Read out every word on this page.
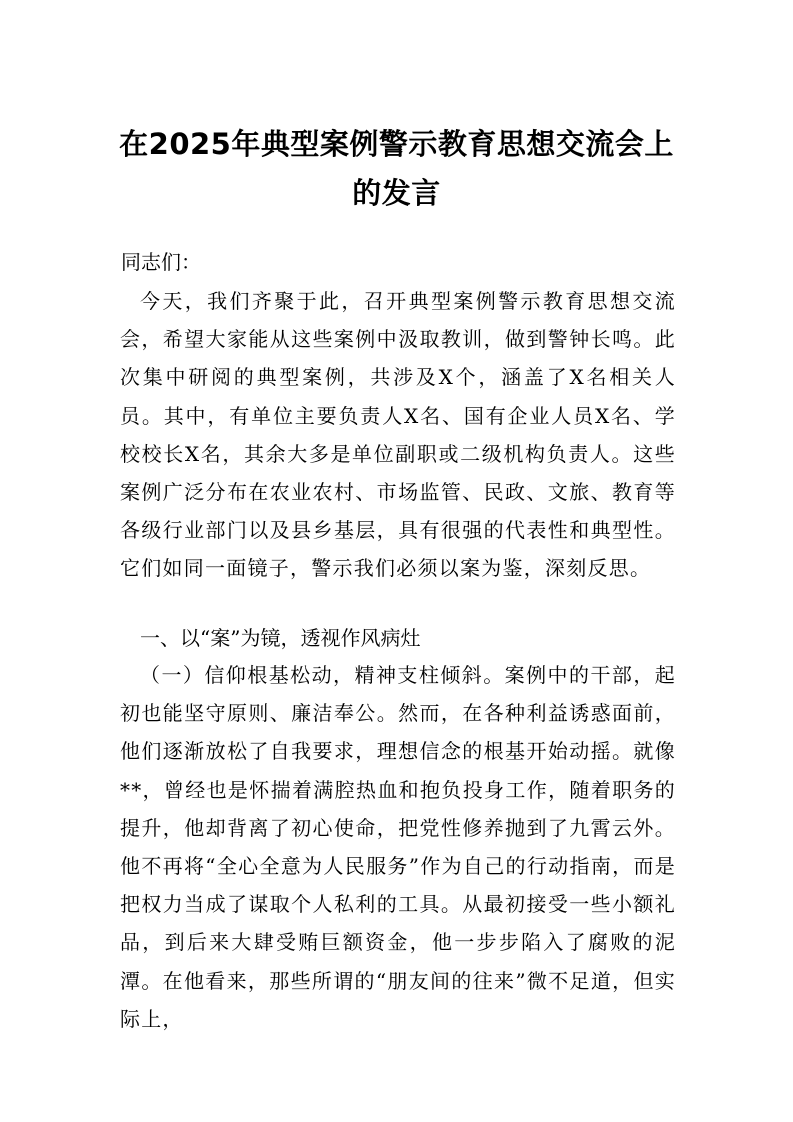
在2025年典型案例警示教育思想交流会上
的发言

同志们：

今天，我们齐聚于此，召开典型案例警示教育思想交流会，希望大家能从这些案例中汲取教训，做到警钟长鸣。此次集中研阅的典型案例，共涉及X个，涵盖了X名相关人员。其中，有单位主要负责人X名、国有企业人员X名、学校校长X名，其余大多是单位副职或二级机构负责人。这些案例广泛分布在农业农村、市场监管、民政、文旅、教育等各级行业部门以及县乡基层，具有很强的代表性和典型性。它们如同一面镜子，警示我们必须以案为鉴，深刻反思。

一、以“案”为镜，透视作风病灶

（一）信仰根基松动，精神支柱倾斜。案例中的干部，起初也能坚守原则、廉洁奉公。然而，在各种利益诱惑面前，他们逐渐放松了自我要求，理想信念的根基开始动摇。就像**，曾经也是怀揣着满腔热血和抱负投身工作，随着职务的提升，他却背离了初心使命，把党性修养抛到了九霄云外。他不再将“全心全意为人民服务”作为自己的行动指南，而是把权力当成了谋取个人私利的工具。从最初接受一些小额礼品，到后来大肆受贿巨额资金，他一步步陷入了腐败的泥潭。在他看来，那些所谓的“朋友间的往来”微不足道，但实际上，
